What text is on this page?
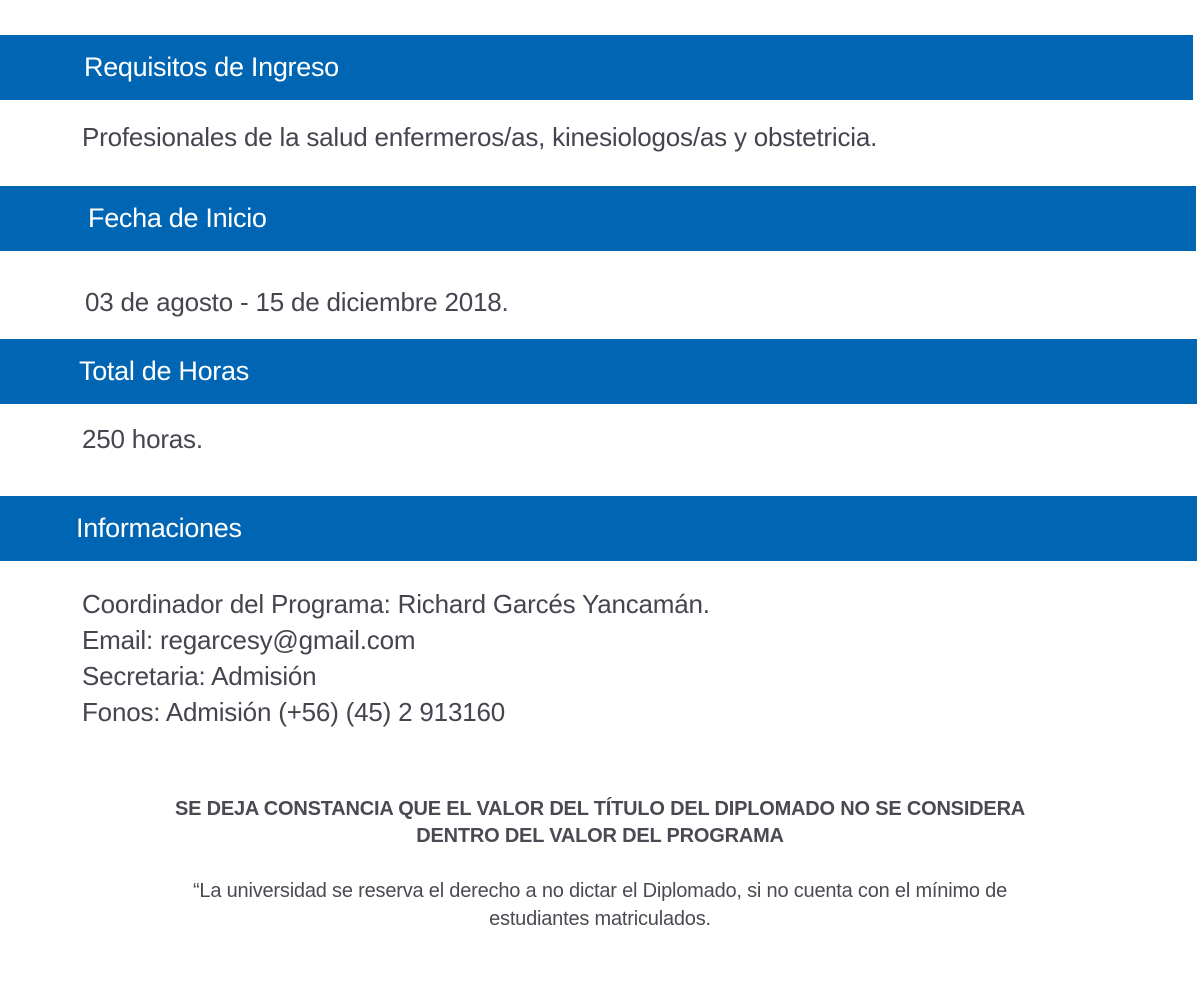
Requisitos de Ingreso
Profesionales de la salud enfermeros/as, kinesiologos/as y obstetricia.
Fecha de Inicio
03 de agosto - 15 de diciembre 2018.
Total de Horas
250 horas.
Informaciones
Coordinador del Programa: Richard Garcés Yancamán.
Email: regarcesy@gmail.com
Secretaria: Admisión
Fonos: Admisión (+56) (45) 2 913160
SE DEJA CONSTANCIA QUE EL VALOR DEL TÍTULO DEL DIPLOMADO NO SE CONSIDERA
DENTRO DEL VALOR DEL PROGRAMA
“La universidad se reserva el derecho a no dictar el Diplomado, si no cuenta con el mínimo de
estudiantes matriculados.
